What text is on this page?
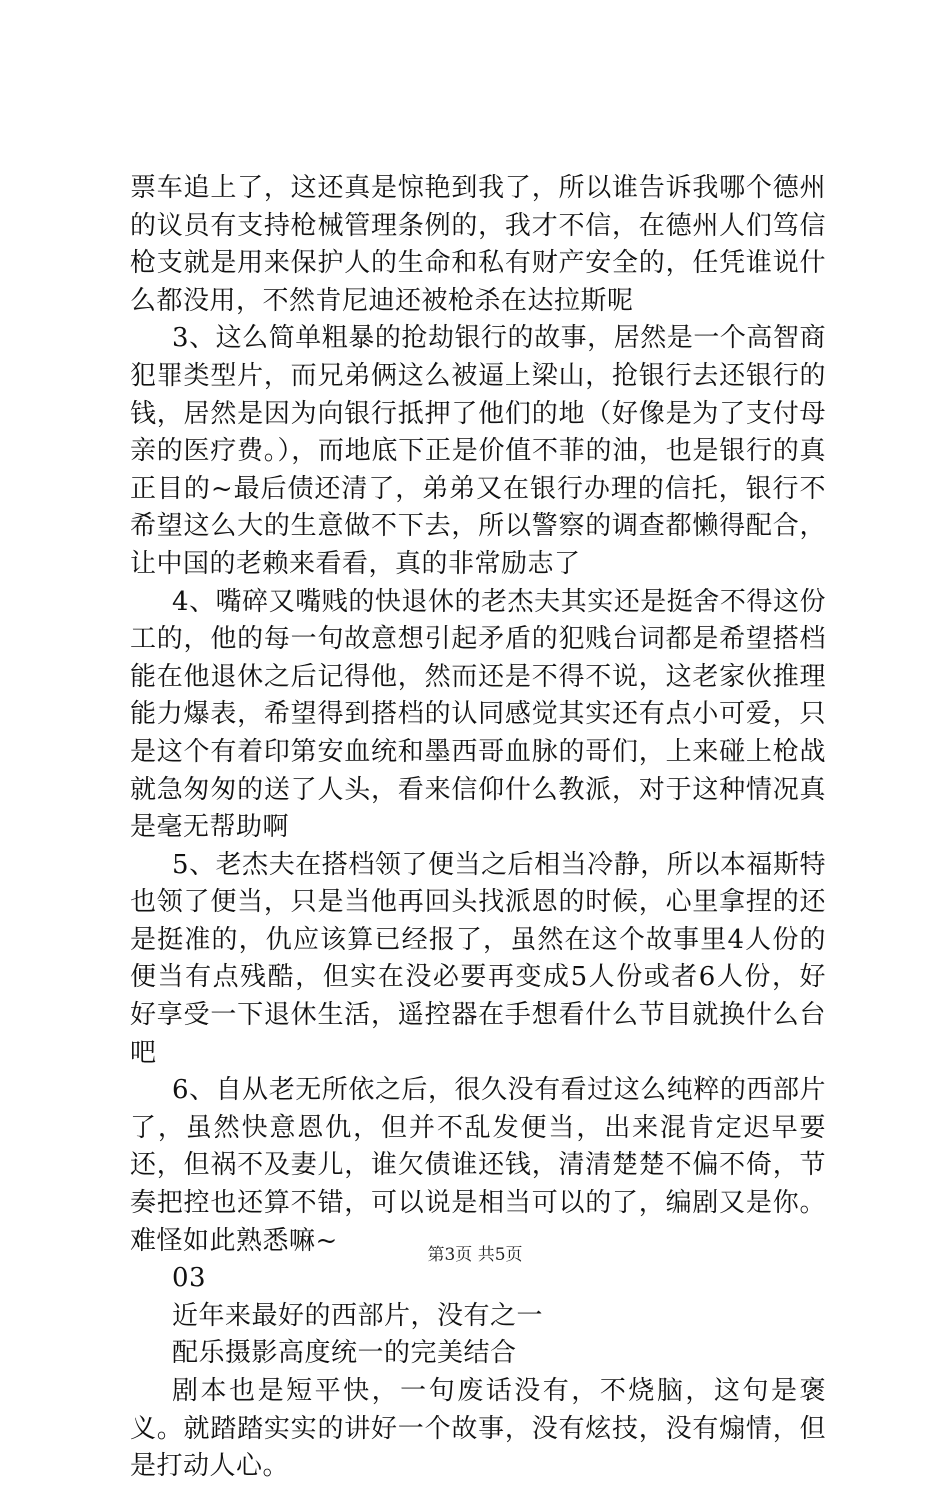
票车追上了，这还真是惊艳到我了，所以谁告诉我哪个德州的议员有支持枪械管理条例的，我才不信，在德州人们笃信枪支就是用来保护人的生命和私有财产安全的，任凭谁说什么都没用，不然肯尼迪还被枪杀在达拉斯呢

3、这么简单粗暴的抢劫银行的故事，居然是一个高智商犯罪类型片，而兄弟俩这么被逼上梁山，抢银行去还银行的钱，居然是因为向银行抵押了他们的地（好像是为了支付母亲的医疗费。），而地底下正是价值不菲的油，也是银行的真正目的~最后债还清了，弟弟又在银行办理的信托，银行不希望这么大的生意做不下去，所以警察的调查都懒得配合，让中国的老赖来看看，真的非常励志了

4、嘴碎又嘴贱的快退休的老杰夫其实还是挺舍不得这份工的，他的每一句故意想引起矛盾的犯贱台词都是希望搭档能在他退休之后记得他，然而还是不得不说，这老家伙推理能力爆表，希望得到搭档的认同感觉其实还有点小可爱，只是这个有着印第安血统和墨西哥血脉的哥们，上来碰上枪战就急匆匆的送了人头，看来信仰什么教派，对于这种情况真是毫无帮助啊

5、老杰夫在搭档领了便当之后相当冷静，所以本福斯特也领了便当，只是当他再回头找派恩的时候，心里拿捏的还是挺准的，仇应该算已经报了，虽然在这个故事里4人份的便当有点残酷，但实在没必要再变成5人份或者6人份，好好享受一下退休生活，遥控器在手想看什么节目就换什么台吧

6、自从老无所依之后，很久没有看过这么纯粹的西部片了，虽然快意恩仇，但并不乱发便当，出来混肯定迟早要还，但祸不及妻儿，谁欠债谁还钱，清清楚楚不偏不倚，节奏把控也还算不错，可以说是相当可以的了，编剧又是你。难怪如此熟悉嘛~

03

近年来最好的西部片，没有之一

配乐摄影高度统一的完美结合

剧本也是短平快，一句废话没有，不烧脑，这句是褒义。就踏踏实实的讲好一个故事，没有炫技，没有煽情，但是打动人心。

第3页 共5页
